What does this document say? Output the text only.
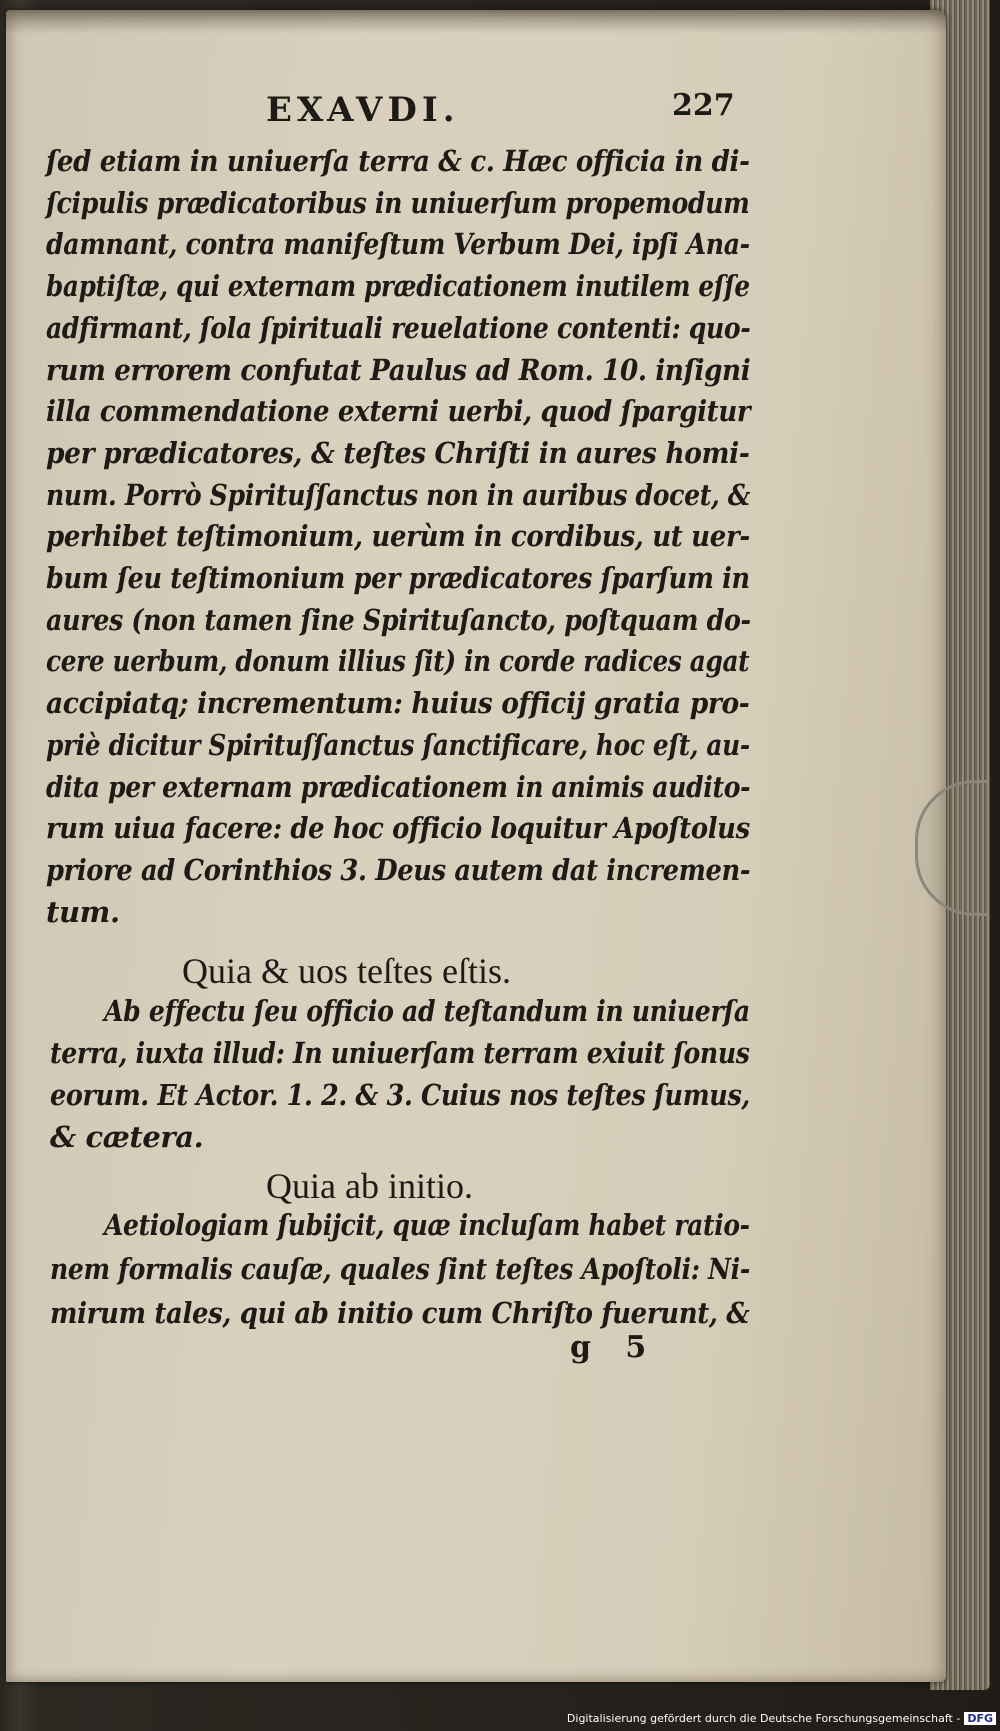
EXAVDI.	227
ſed etiam in uniuerſa terra & c. Hæc officia in di-
ſcipulis prædicatoribus in uniuerſum propemodum
damnant, contra manifeſtum Verbum Dei, ipſi Ana-
baptiſtæ, qui externam prædicationem inutilem eſſe
adfirmant, ſola ſpirituali reuelatione contenti: quo-
rum errorem confutat Paulus ad Rom. 10. inſigni
illa commendatione externi uerbi, quod ſpargitur
per prædicatores, & teſtes Chriſti in aures homi-
num. Porrò Spirituſſanctus non in auribus docet, &
perhibet teſtimonium, uerùm in cordibus, ut uer-
bum ſeu teſtimonium per prædicatores ſparſum in
aures (non tamen ſine Spirituſancto, poſtquam do-
cere uerbum, donum illius ſit) in corde radices agat
accipiatq; incrementum: huius officij gratia pro-
priè dicitur Spirituſſanctus ſanctificare, hoc eſt, au-
dita per externam prædicationem in animis audito-
rum uiua facere: de hoc officio loquitur Apoſtolus
priore ad Corinthios 3. Deus autem dat incremen-
tum.
Quia & uos teſtes eſtis.
Ab effectu ſeu officio ad teſtandum in uniuerſa
terra, iuxta illud: In uniuerſam terram exiuit ſonus
eorum. Et Actor. 1. 2. & 3. Cuius nos teſtes ſumus,
& cætera.
Quia ab initio.
Aetiologiam ſubijcit, quæ incluſam habet ratio-
nem formalis cauſæ, quales ſint teſtes Apoſtoli: Ni-
mirum tales, qui ab initio cum Chriſto fuerunt, &
g 5
Digitalisierung gefördert durch die Deutsche Forschungsgemeinschaft - DFG
